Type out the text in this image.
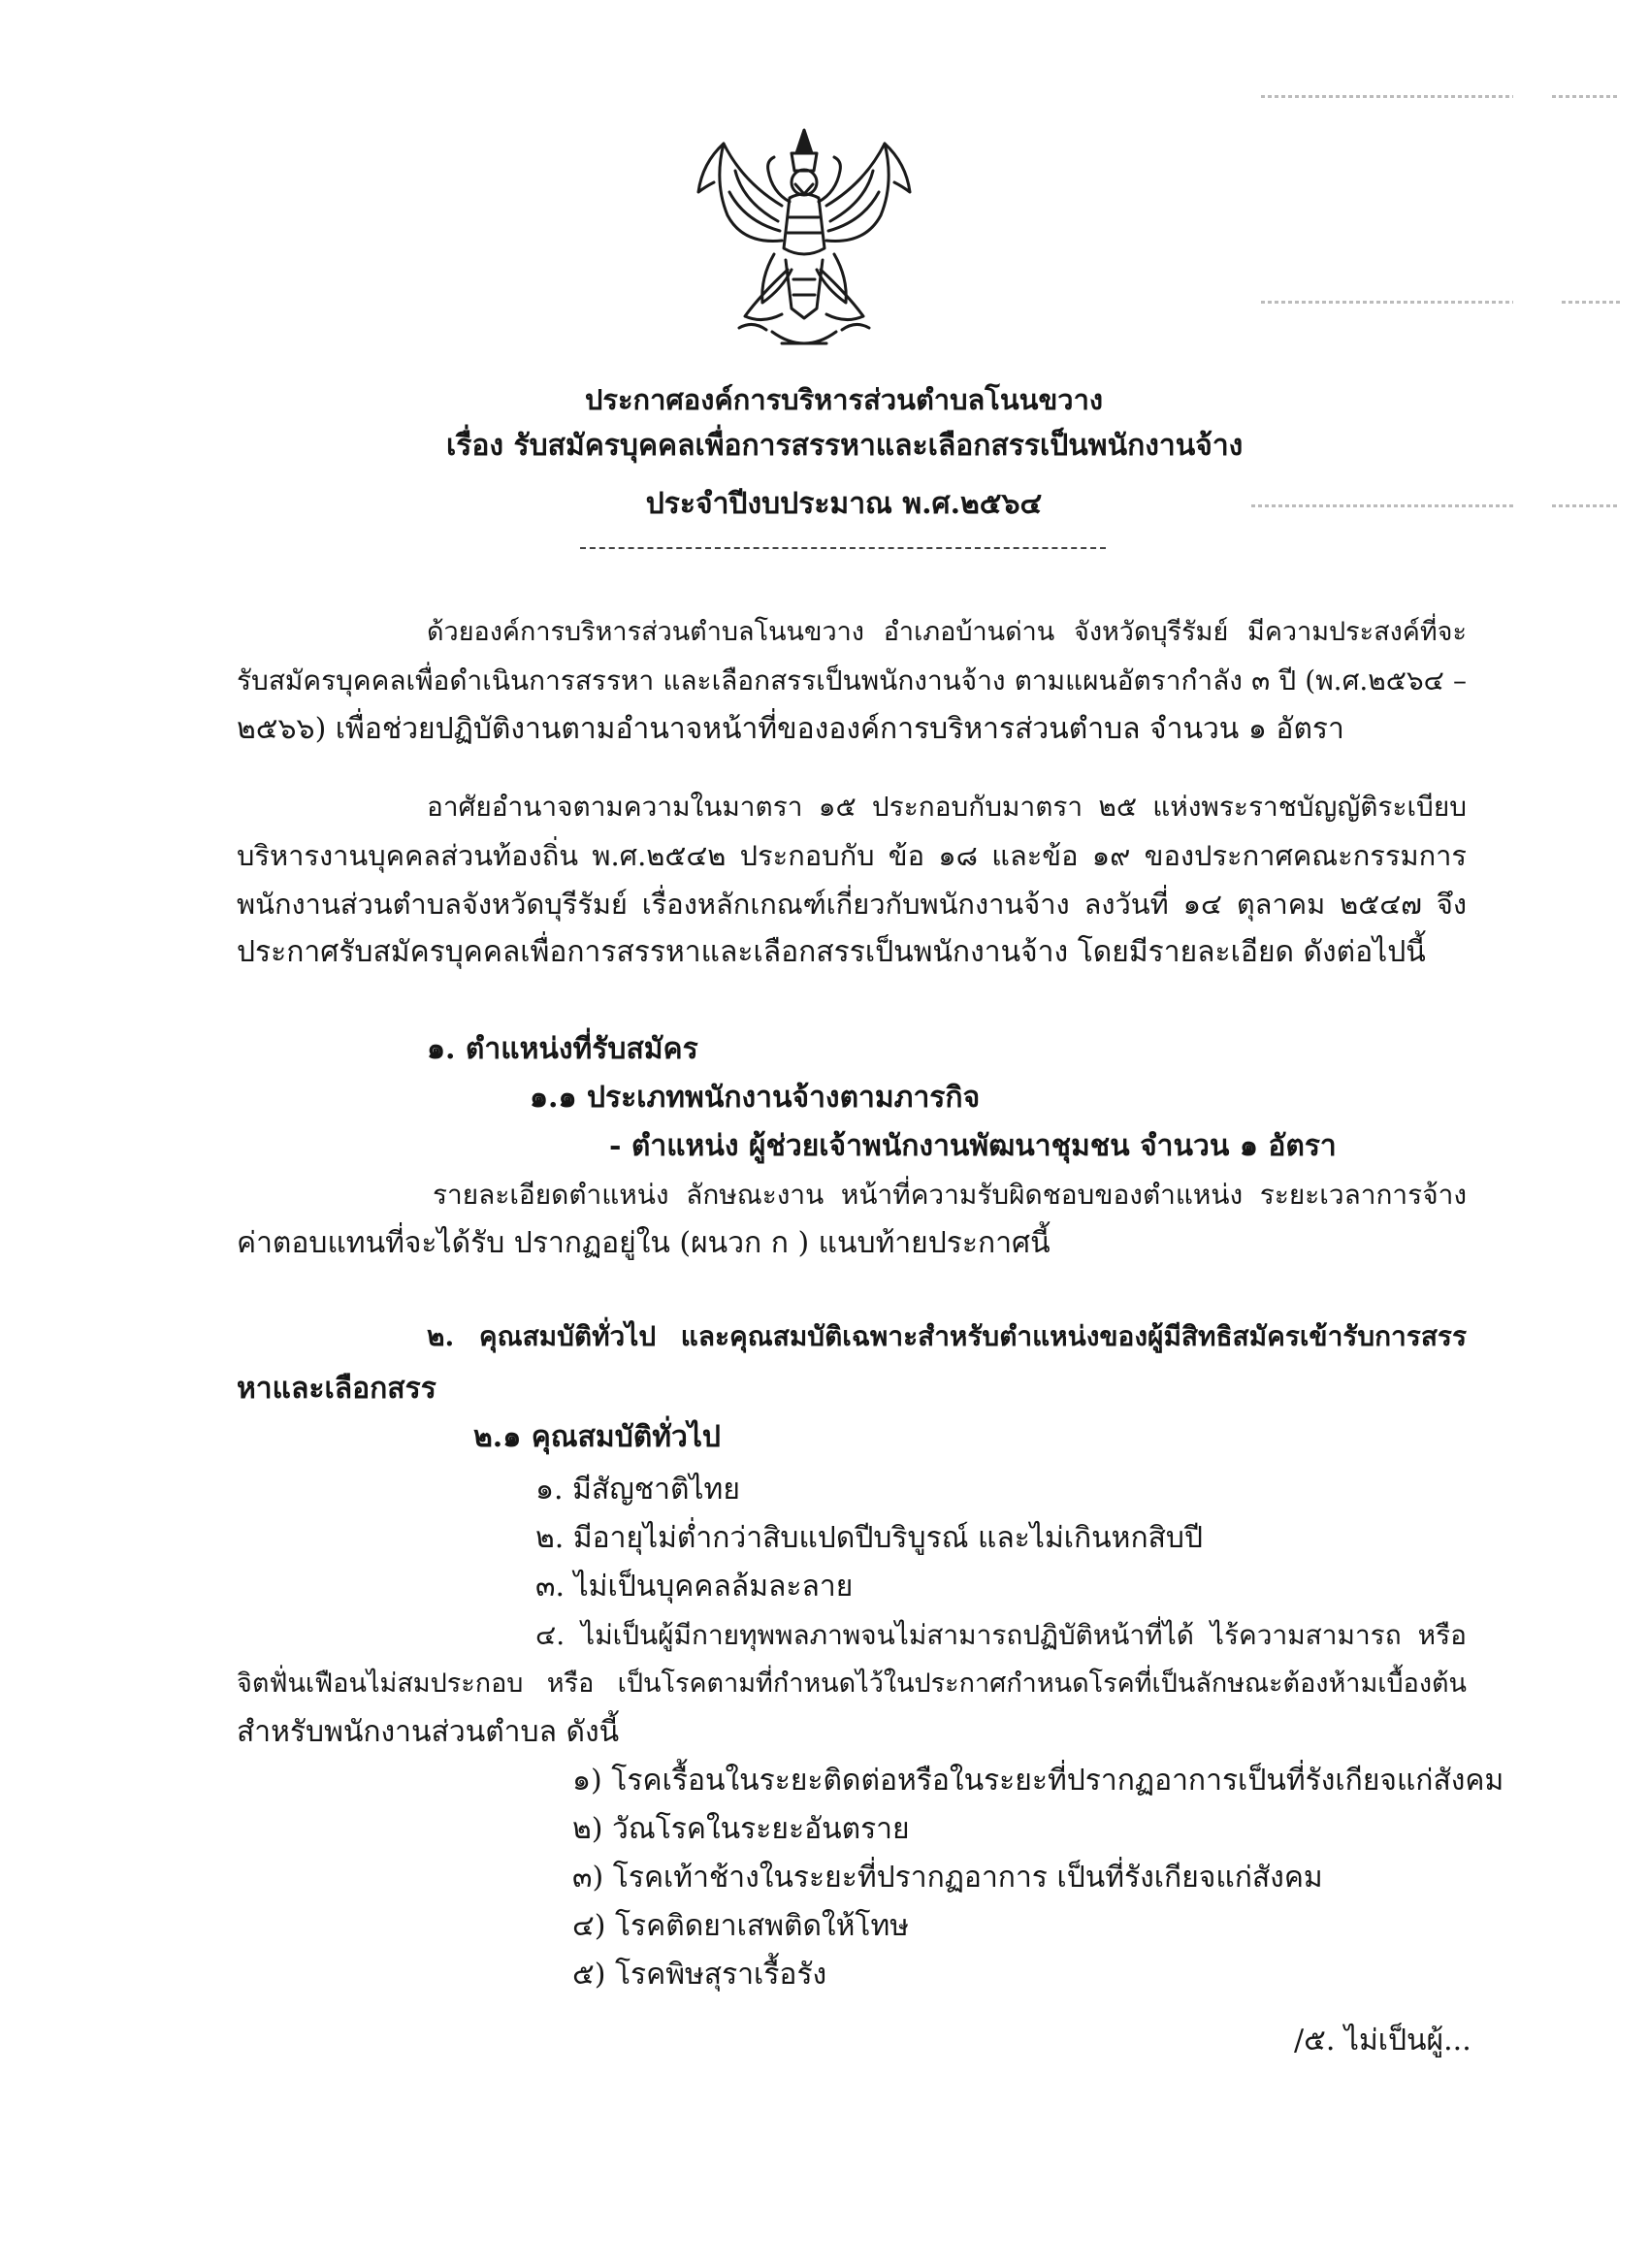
ประกาศองค์การบริหารส่วนตำบลโนนขวาง
เรื่อง รับสมัครบุคคลเพื่อการสรรหาและเลือกสรรเป็นพนักงานจ้าง
ประจำปีงบประมาณ พ.ศ.๒๕๖๔
ด้วยองค์การบริหารส่วนตำบลโนนขวาง อำเภอบ้านด่าน จังหวัดบุรีรัมย์ มีความประสงค์ที่จะ
รับสมัครบุคคลเพื่อดำเนินการสรรหา และเลือกสรรเป็นพนักงานจ้าง ตามแผนอัตรากำลัง ๓ ปี (พ.ศ.๒๕๖๔ –
๒๕๖๖) เพื่อช่วยปฏิบัติงานตามอำนาจหน้าที่ขององค์การบริหารส่วนตำบล จำนวน ๑ อัตรา
อาศัยอำนาจตามความในมาตรา ๑๕ ประกอบกับมาตรา ๒๕ แห่งพระราชบัญญัติระเบียบ
บริหารงานบุคคลส่วนท้องถิ่น พ.ศ.๒๕๔๒ ประกอบกับ ข้อ ๑๘ และข้อ ๑๙ ของประกาศคณะกรรมการ
พนักงานส่วนตำบลจังหวัดบุรีรัมย์ เรื่องหลักเกณฑ์เกี่ยวกับพนักงานจ้าง ลงวันที่ ๑๔ ตุลาคม ๒๕๔๗ จึง
ประกาศรับสมัครบุคคลเพื่อการสรรหาและเลือกสรรเป็นพนักงานจ้าง โดยมีรายละเอียด ดังต่อไปนี้
๑. ตำแหน่งที่รับสมัคร
๑.๑ ประเภทพนักงานจ้างตามภารกิจ
- ตำแหน่ง ผู้ช่วยเจ้าพนักงานพัฒนาชุมชน จำนวน ๑ อัตรา
รายละเอียดตำแหน่ง ลักษณะงาน หน้าที่ความรับผิดชอบของตำแหน่ง ระยะเวลาการจ้าง
ค่าตอบแทนที่จะได้รับ ปรากฏอยู่ใน (ผนวก ก ) แนบท้ายประกาศนี้
๒. คุณสมบัติทั่วไป และคุณสมบัติเฉพาะสำหรับตำแหน่งของผู้มีสิทธิสมัครเข้ารับการสรร
หาและเลือกสรร
๒.๑ คุณสมบัติทั่วไป
๑. มีสัญชาติไทย
๒. มีอายุไม่ต่ำกว่าสิบแปดปีบริบูรณ์ และไม่เกินหกสิบปี
๓. ไม่เป็นบุคคลล้มละลาย
๔. ไม่เป็นผู้มีกายทุพพลภาพจนไม่สามารถปฏิบัติหน้าที่ได้ ไร้ความสามารถ หรือ
จิตฟั่นเฟือนไม่สมประกอบ หรือ เป็นโรคตามที่กำหนดไว้ในประกาศกำหนดโรคที่เป็นลักษณะต้องห้ามเบื้องต้น
สำหรับพนักงานส่วนตำบล ดังนี้
๑) โรคเรื้อนในระยะติดต่อหรือในระยะที่ปรากฏอาการเป็นที่รังเกียจแก่สังคม
๒) วัณโรคในระยะอันตราย
๓) โรคเท้าช้างในระยะที่ปรากฏอาการ เป็นที่รังเกียจแก่สังคม
๔) โรคติดยาเสพติดให้โทษ
๕) โรคพิษสุราเรื้อรัง
/๕. ไม่เป็นผู้...
